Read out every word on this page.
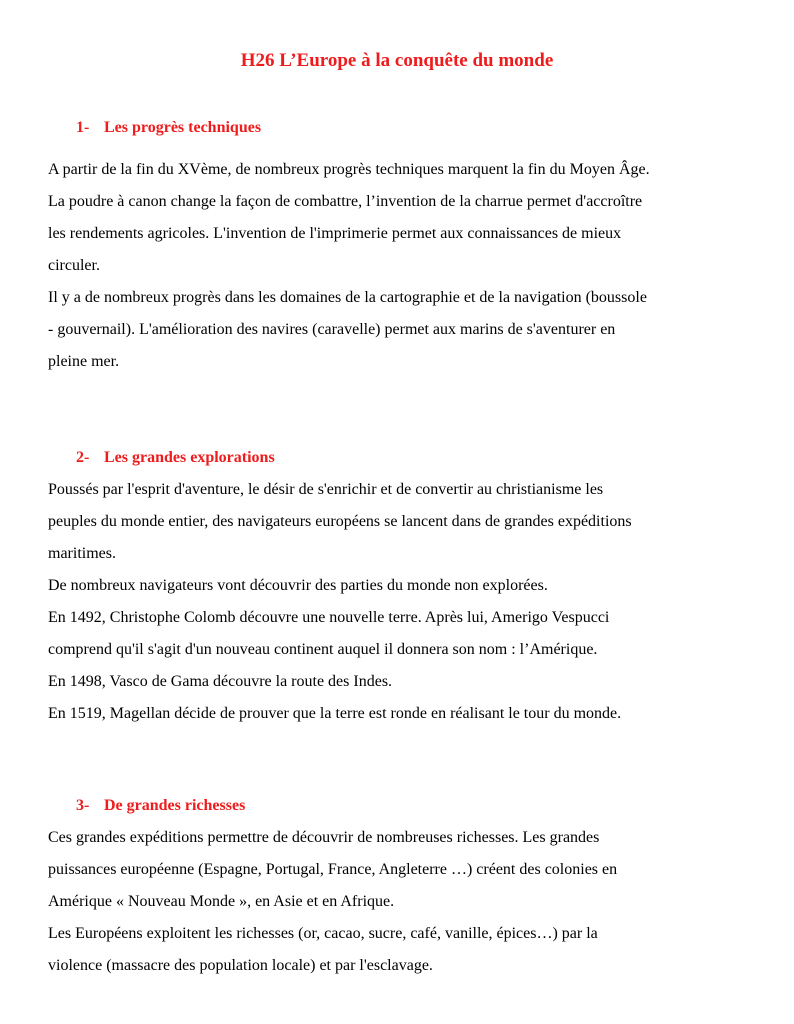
H26 L’Europe à la conquête du monde
1- Les progrès techniques

A partir de la fin du XVème, de nombreux progrès techniques marquent la fin du Moyen Âge.

La poudre à canon change la façon de combattre, l’invention de la charrue permet d'accroître

les rendements agricoles. L'invention de l'imprimerie permet aux connaissances de mieux

circuler.

Il y a de nombreux progrès dans les domaines de la cartographie et de la navigation (boussole

- gouvernail). L'amélioration des navires (caravelle) permet aux marins de s'aventurer en

pleine mer.

2- Les grandes explorations

Poussés par l'esprit d'aventure, le désir de s'enrichir et de convertir au christianisme les

peuples du monde entier, des navigateurs européens se lancent dans de grandes expéditions

maritimes.

De nombreux navigateurs vont découvrir des parties du monde non explorées.

En 1492, Christophe Colomb découvre une nouvelle terre. Après lui, Amerigo Vespucci

comprend qu'il s'agit d'un nouveau continent auquel il donnera son nom : l’Amérique.

En 1498, Vasco de Gama découvre la route des Indes.

En 1519, Magellan décide de prouver que la terre est ronde en réalisant le tour du monde.

3- De grandes richesses

Ces grandes expéditions permettre de découvrir de nombreuses richesses. Les grandes

puissances européenne (Espagne, Portugal, France, Angleterre …) créent des colonies en

Amérique « Nouveau Monde », en Asie et en Afrique.

Les Européens exploitent les richesses (or, cacao, sucre, café, vanille, épices…) par la

violence (massacre des population locale) et par l'esclavage.
